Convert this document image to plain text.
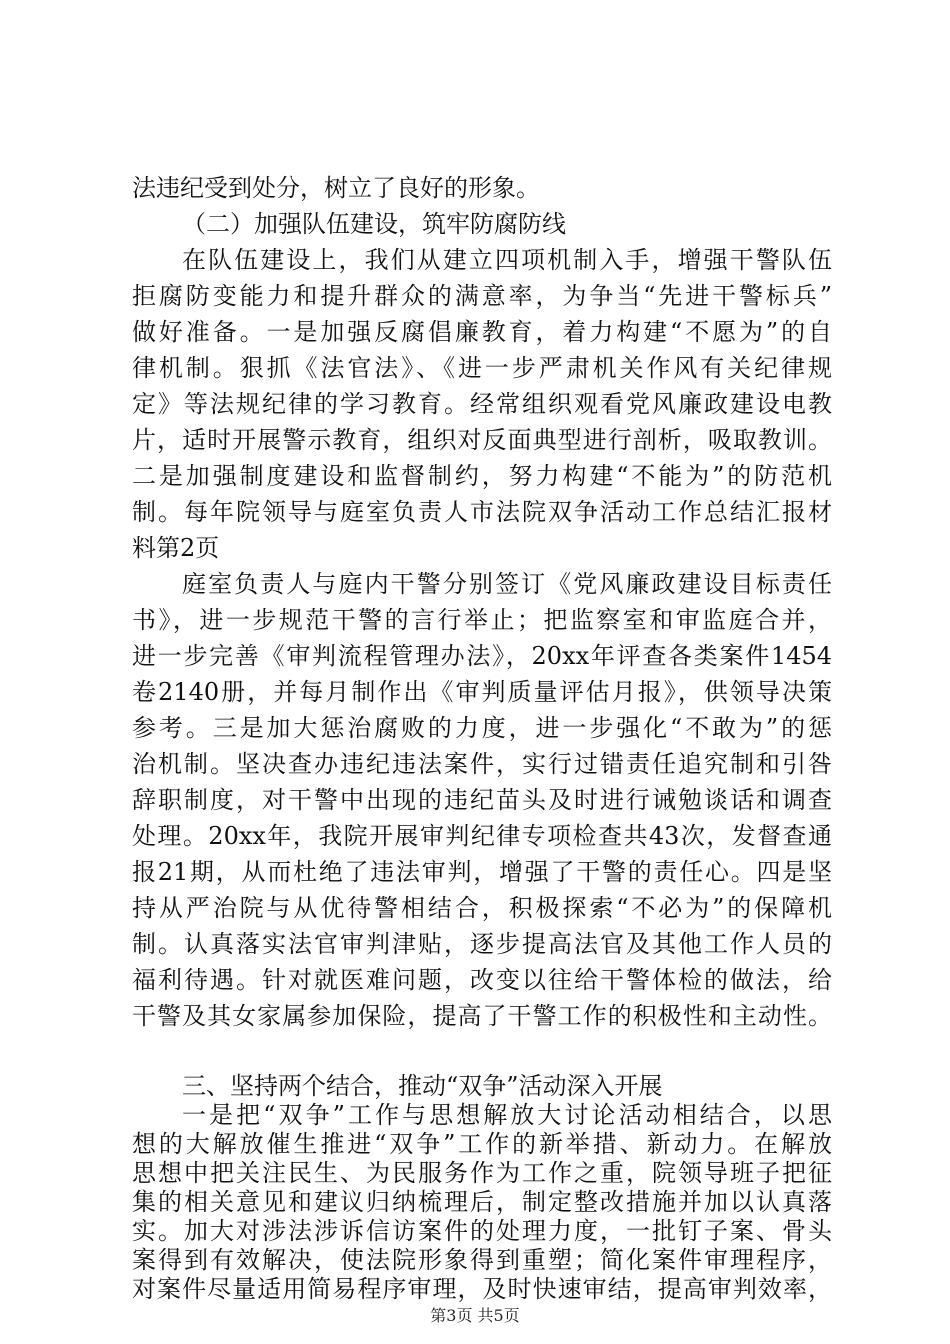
法违纪受到处分，树立了良好的形象。
（二）加强队伍建设，筑牢防腐防线
在队伍建设上，我们从建立四项机制入手，增强干警队伍
拒腐防变能力和提升群众的满意率，为争当“先进干警标兵”
做好准备。一是加强反腐倡廉教育，着力构建“不愿为”的自
律机制。狠抓《法官法》、《进一步严肃机关作风有关纪律规
定》等法规纪律的学习教育。经常组织观看党风廉政建设电教
片，适时开展警示教育，组织对反面典型进行剖析，吸取教训。
二是加强制度建设和监督制约，努力构建“不能为”的防范机
制。每年院领导与庭室负责人市法院双争活动工作总结汇报材
料第2页
庭室负责人与庭内干警分别签订《党风廉政建设目标责任
书》，进一步规范干警的言行举止；把监察室和审监庭合并，
进一步完善《审判流程管理办法》，20xx年评查各类案件1454
卷2140册，并每月制作出《审判质量评估月报》，供领导决策
参考。三是加大惩治腐败的力度，进一步强化“不敢为”的惩
治机制。坚决查办违纪违法案件，实行过错责任追究制和引咎
辞职制度，对干警中出现的违纪苗头及时进行诫勉谈话和调查
处理。20xx年，我院开展审判纪律专项检查共43次，发督查通
报21期，从而杜绝了违法审判，增强了干警的责任心。四是坚
持从严治院与从优待警相结合，积极探索“不必为”的保障机
制。认真落实法官审判津贴，逐步提高法官及其他工作人员的
福利待遇。针对就医难问题，改变以往给干警体检的做法，给
干警及其女家属参加保险，提高了干警工作的积极性和主动性。
三、坚持两个结合，推动“双争”活动深入开展
一是把“双争”工作与思想解放大讨论活动相结合，以思
想的大解放催生推进“双争”工作的新举措、新动力。在解放
思想中把关注民生、为民服务作为工作之重，院领导班子把征
集的相关意见和建议归纳梳理后，制定整改措施并加以认真落
实。加大对涉法涉诉信访案件的处理力度，一批钉子案、骨头
第3页 共5页
案得到有效解决，使法院形象得到重塑；简化案件审理程序，
对案件尽量适用简易程序审理，及时快速审结，提高审判效率，
